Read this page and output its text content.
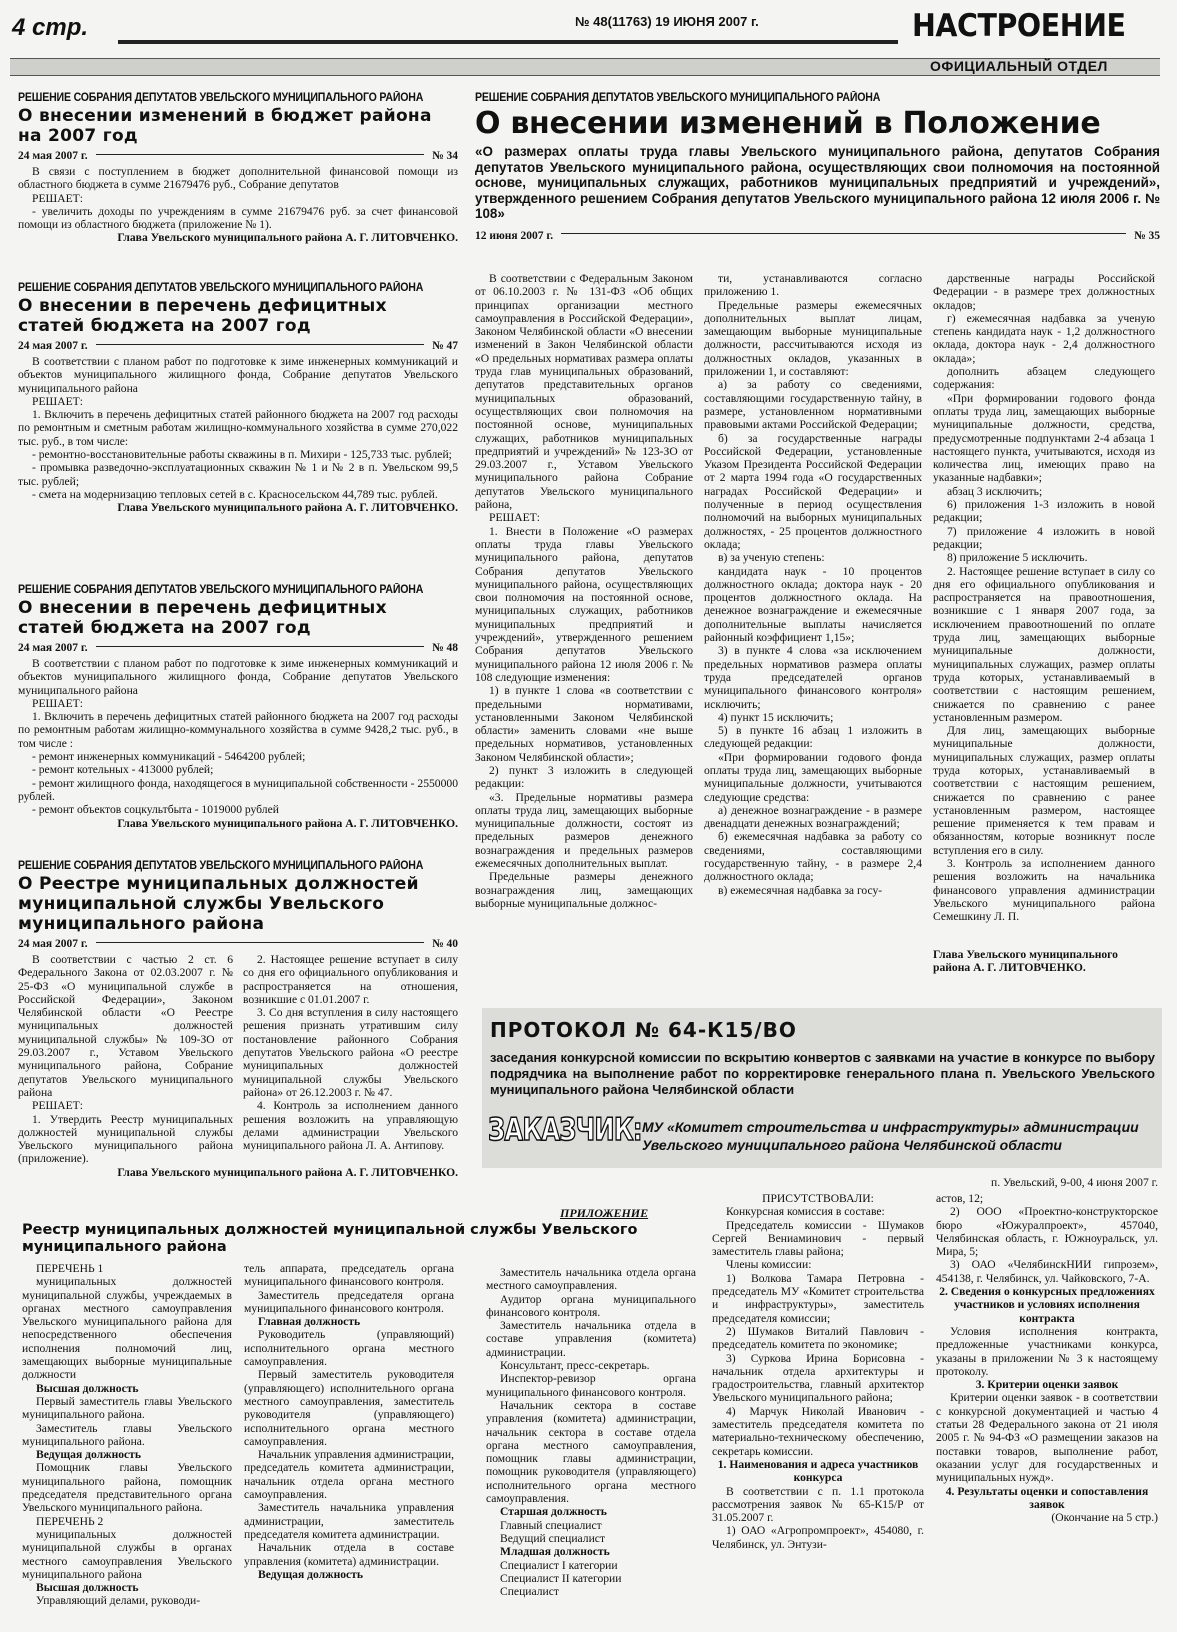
4 стр.	№ 48(11763) 19 ИЮНЯ 2007 г.	НАСТРОЕНИЕ
ОФИЦИАЛЬНЫЙ ОТДЕЛ
РЕШЕНИЕ СОБРАНИЯ ДЕПУТАТОВ УВЕЛЬСКОГО МУНИЦИПАЛЬНОГО РАЙОНА
О внесении изменений в бюджет района на 2007 год
24 мая 2007 г.	№ 34

В связи с поступлением в бюджет дополнительной финансовой помощи из областного бюджета в сумме 21679476 руб., Собрание депутатов

РЕШАЕТ:

- увеличить доходы по учреждениям в сумме 21679476 руб. за счет финансовой помощи из областного бюджета (приложение № 1).

Глава Увельского муниципального района А. Г. ЛИТОВЧЕНКО.
РЕШЕНИЕ СОБРАНИЯ ДЕПУТАТОВ УВЕЛЬСКОГО МУНИЦИПАЛЬНОГО РАЙОНА
О внесении в перечень дефицитных статей бюджета на 2007 год
24 мая 2007 г.	№ 47

В соответствии с планом работ по подготовке к зиме инженерных коммуникаций и объектов муниципального жилищного фонда, Собрание депутатов Увельского муниципального района

РЕШАЕТ:

1. Включить в перечень дефицитных статей районного бюджета на 2007 год расходы по ремонтным и сметным работам жилищно-коммунального хозяйства в сумме 270,022 тыс. руб., в том числе:

- ремонтно-восстановительные работы скважины в п. Михири - 125,733 тыс. рублей;

- промывка разведочно-эксплуатационных скважин № 1 и № 2 в п. Увельском 99,5 тыс. рублей;

- смета на модернизацию тепловых сетей в с. Красносельском 44,789 тыс. рублей.

Глава Увельского муниципального района А. Г. ЛИТОВЧЕНКО.
РЕШЕНИЕ СОБРАНИЯ ДЕПУТАТОВ УВЕЛЬСКОГО МУНИЦИПАЛЬНОГО РАЙОНА
О внесении в перечень дефицитных статей бюджета на 2007 год
24 мая 2007 г.	№ 48

В соответствии с планом работ по подготовке к зиме инженерных коммуникаций и объектов муниципального жилищного фонда, Собрание депутатов Увельского муниципального района

РЕШАЕТ:

1. Включить в перечень дефицитных статей районного бюджета на 2007 год расходы по ремонтным работам жилищно-коммунального хозяйства в сумме 9428,2 тыс. руб., в том числе :

- ремонт инженерных коммуникаций - 5464200 рублей;

- ремонт котельных - 413000 рублей;

- ремонт жилищного фонда, находящегося в муниципальной собственности - 2550000 рублей.

- ремонт объектов соцкультбыта - 1019000 рублей

Глава Увельского муниципального района А. Г. ЛИТОВЧЕНКО.
РЕШЕНИЕ СОБРАНИЯ ДЕПУТАТОВ УВЕЛЬСКОГО МУНИЦИПАЛЬНОГО РАЙОНА
О Реестре муниципальных должностей муниципальной службы Увельского муниципального района
24 мая 2007 г.	№ 40

В соответствии с частью 2 ст. 6 Федерального Закона от 02.03.2007 г. № 25-ФЗ «О муниципальной службе в Российской Федерации», Законом Челябинской области «О Реестре муниципальных должностей муниципальной службы» № 109-ЗО от 29.03.2007 г., Уставом Увельского муниципального района, Собрание депутатов Увельского муниципального района

РЕШАЕТ:

1. Утвердить Реестр муниципальных должностей муниципальной службы Увельского муниципального района (приложение).

2. Настоящее решение вступает в силу со дня его официального опубликования и распространяется на отношения, возникшие с 01.01.2007 г.

3. Со дня вступления в силу настоящего решения признать утратившим силу постановление районного Собрания депутатов Увельского района «О реестре муниципальных должностей муниципальной службы Увельского района» от 26.12.2003 г. № 47.

4. Контроль за исполнением данного решения возложить на управляющую делами администрации Увельского муниципального района Л. А. Антипову.

Глава Увельского муниципального района А. Г. ЛИТОВЧЕНКО.
РЕШЕНИЕ СОБРАНИЯ ДЕПУТАТОВ УВЕЛЬСКОГО МУНИЦИПАЛЬНОГО РАЙОНА
О внесении изменений в Положение
«О размерах оплаты труда главы Увельского муниципального района, депутатов Собрания депутатов Увельского муниципального района, осуществляющих свои полномочия на постоянной основе, муниципальных служащих, работников муниципальных предприятий и учреждений», утвержденного решением Собрания депутатов Увельского муниципального района 12 июля 2006 г. № 108»
12 июня 2007 г.	№ 35

В соответствии с Федеральным Законом от 06.10.2003 г. № 131-ФЗ «Об общих принципах организации местного самоуправления в Российской Федерации», Законом Челябинской области «О внесении изменений в Закон Челябинской области «О предельных нормативах размера оплаты труда глав муниципальных образований, депутатов представительных органов муниципальных образований, осуществляющих свои полномочия на постоянной основе, муниципальных служащих, работников муниципальных предприятий и учреждений» № 123-ЗО от 29.03.2007 г., Уставом Увельского муниципального района Собрание депутатов Увельского муниципального района,

РЕШАЕТ:

1. Внести в Положение «О размерах оплаты труда главы Увельского муниципального района, депутатов Собрания депутатов Увельского муниципального района, осуществляющих свои полномочия на постоянной основе, муниципальных служащих, работников муниципальных предприятий и учреждений», утвержденного решением Собрания депутатов Увельского муниципального района 12 июля 2006 г. № 108 следующие изменения:

1) в пункте 1 слова «в соответствии с предельными нормативами, установленными Законом Челябинской области» заменить словами «не выше предельных нормативов, установленных Законом Челябинской области»;

2) пункт 3 изложить в следующей редакции:

«3. Предельные нормативы размера оплаты труда лиц, замещающих выборные муниципальные должности, состоят из предельных размеров денежного вознаграждения и предельных размеров ежемесячных дополнительных выплат.

Предельные размеры денежного вознаграждения лиц, замещающих выборные муниципальные должнос-

ти, устанавливаются согласно приложению 1.

Предельные размеры ежемесячных дополнительных выплат лицам, замещающим выборные муниципальные должности, рассчитываются исходя из должностных окладов, указанных в приложении 1, и составляют:

а) за работу со сведениями, составляющими государственную тайну, в размере, установленном нормативными правовыми актами Российской Федерации;

б) за государственные награды Российской Федерации, установленные Указом Президента Российской Федерации от 2 марта 1994 года «О государственных наградах Российской Федерации» и полученные в период осуществления полномочий на выборных муниципальных должностях, - 25 процентов должностного оклада;

в) за ученую степень:

кандидата наук - 10 процентов должностного оклада; доктора наук - 20 процентов должностного оклада. На денежное вознаграждение и ежемесячные дополнительные выплаты начисляется районный коэффициент 1,15»;

3) в пункте 4 слова «за исключением предельных нормативов размера оплаты труда председателей органов муниципального финансового контроля» исключить;

4) пункт 15 исключить;

5) в пункте 16 абзац 1 изложить в следующей редакции:

«При формировании годового фонда оплаты труда лиц, замещающих выборные муниципальные должности, учитываются следующие средства:

а) денежное вознаграждение - в размере двенадцати денежных вознаграждений;

б) ежемесячная надбавка за работу со сведениями, составляющими государственную тайну, - в размере 2,4 должностного оклада;

в) ежемесячная надбавка за госу-

дарственные награды Российской Федерации - в размере трех должностных окладов;

г) ежемесячная надбавка за ученую степень кандидата наук - 1,2 должностного оклада, доктора наук - 2,4 должностного оклада»;

дополнить абзацем следующего содержания:

«При формировании годового фонда оплаты труда лиц, замещающих выборные муниципальные должности, средства, предусмотренные подпунктами 2-4 абзаца 1 настоящего пункта, учитываются, исходя из количества лиц, имеющих право на указанные надбавки»;

абзац 3 исключить;

6) приложения 1-3 изложить в новой редакции;

7) приложение 4 изложить в новой редакции;

8) приложение 5 исключить.

2. Настоящее решение вступает в силу со дня его официального опубликования и распространяется на правоотношения, возникшие с 1 января 2007 года, за исключением правоотношений по оплате труда лиц, замещающих выборные муниципальные должности, муниципальных служащих, размер оплаты труда которых, устанавливаемый в соответствии с настоящим решением, снижается по сравнению с ранее установленным размером.

Для лиц, замещающих выборные муниципальные должности, муниципальных служащих, размер оплаты труда которых, устанавливаемый в соответствии с настоящим решением, снижается по сравнению с ранее установленным размером, настоящее решение применяется к тем правам и обязанностям, которые возникнут после вступления его в силу.

3. Контроль за исполнением данного решения возложить на начальника финансового управления администрации Увельского муниципального района Семешкину Л. П.

Глава Увельского муниципального района А. Г. ЛИТОВЧЕНКО.
ПРОТОКОЛ № 64-К15/ВО
заседания конкурсной комиссии по вскрытию конвертов с заявками на участие в конкурсе по выбору подрядчика на выполнение работ по корректировке генерального плана п. Увельского Увельского муниципального района Челябинской области
ЗАКАЗЧИК: МУ «Комитет строительства и инфраструктуры» администрации Увельского муниципального района Челябинской области
п. Увельский, 9-00, 4 июня 2007 г.

ПРИСУТСТВОВАЛИ:

Конкурсная комиссия в составе:

Председатель комиссии - Шумаков Сергей Вениаминович - первый заместитель главы района;

Члены комиссии:

1) Волкова Тамара Петровна - председатель МУ «Комитет строительства и инфраструктуры», заместитель председателя комиссии;

2) Шумаков Виталий Павлович - председатель комитета по экономике;

3) Суркова Ирина Борисовна - начальник отдела архитектуры и градостроительства, главный архитектор Увельского муниципального района;

4) Марчук Николай Иванович - заместитель председателя комитета по материально-техническому обеспечению, секретарь комиссии.

1. Наименования и адреса участников конкурса

В соответствии с п. 1.1 протокола рассмотрения заявок № 65-К15/Р от 31.05.2007 г.

1) ОАО «Агропромпроект», 454080, г. Челябинск, ул. Энтузи-

астов, 12;

2) ООО «Проектно-конструкторское бюро «Южуралпроект», 457040, Челябинская область, г. Южноуральск, ул. Мира, 5;

3) ОАО «ЧелябинскНИИ гипрозем», 454138, г. Челябинск, ул. Чайковского, 7-А.

2. Сведения о конкурсных предложениях участников и условиях исполнения контракта

Условия исполнения контракта, предложенные участниками конкурса, указаны в приложении № 3 к настоящему протоколу.

3. Критерии оценки заявок

Критерии оценки заявок - в соответствии с конкурсной документацией и частью 4 статьи 28 Федерального закона от 21 июля 2005 г. № 94-ФЗ «О размещении заказов на поставки товаров, выполнение работ, оказании услуг для государственных и муниципальных нужд».

4. Результаты оценки и сопоставления заявок

(Окончание на 5 стр.)

ПРИЛОЖЕНИЕ
Реестр муниципальных должностей муниципальной службы Увельского муниципального района

ПЕРЕЧЕНЬ 1

муниципальных должностей муниципальной службы, учреждаемых в органах местного самоуправления Увельского муниципального района для непосредственного обеспечения исполнения полномочий лиц, замещающих выборные муниципальные должности

Высшая должность

Первый заместитель главы Увельского муниципального района.

Заместитель главы Увельского муниципального района.

Ведущая должность

Помощник главы Увельского муниципального района, помощник председателя представительного органа Увельского муниципального района.

ПЕРЕЧЕНЬ 2

муниципальных должностей муниципальной службы в органах местного самоуправления Увельского муниципального района

Высшая должность

Управляющий делами, руководи-

тель аппарата, председатель органа муниципального финансового контроля.

Заместитель председателя органа муниципального финансового контроля.

Главная должность

Руководитель (управляющий) исполнительного органа местного самоуправления.

Первый заместитель руководителя (управляющего) исполнительного органа местного самоуправления, заместитель руководителя (управляющего) исполнительного органа местного самоуправления.

Начальник управления администрации, председатель комитета администрации, начальник отдела органа местного самоуправления.

Заместитель начальника управления администрации, заместитель председателя комитета администрации.

Начальник отдела в составе управления (комитета) администрации.

Ведущая должность

Заместитель начальника отдела органа местного самоуправления.

Аудитор органа муниципального финансового контроля.

Заместитель начальника отдела в составе управления (комитета) администрации.

Консультант, пресс-секретарь.

Инспектор-ревизор органа муниципального финансового контроля.

Начальник сектора в составе управления (комитета) администрации, начальник сектора в составе отдела органа местного самоуправления, помощник главы администрации, помощник руководителя (управляющего) исполнительного органа местного самоуправления.

Старшая должность

Главный специалист

Ведущий специалист

Младшая должность

Специалист I категории

Специалист II категории

Специалист
